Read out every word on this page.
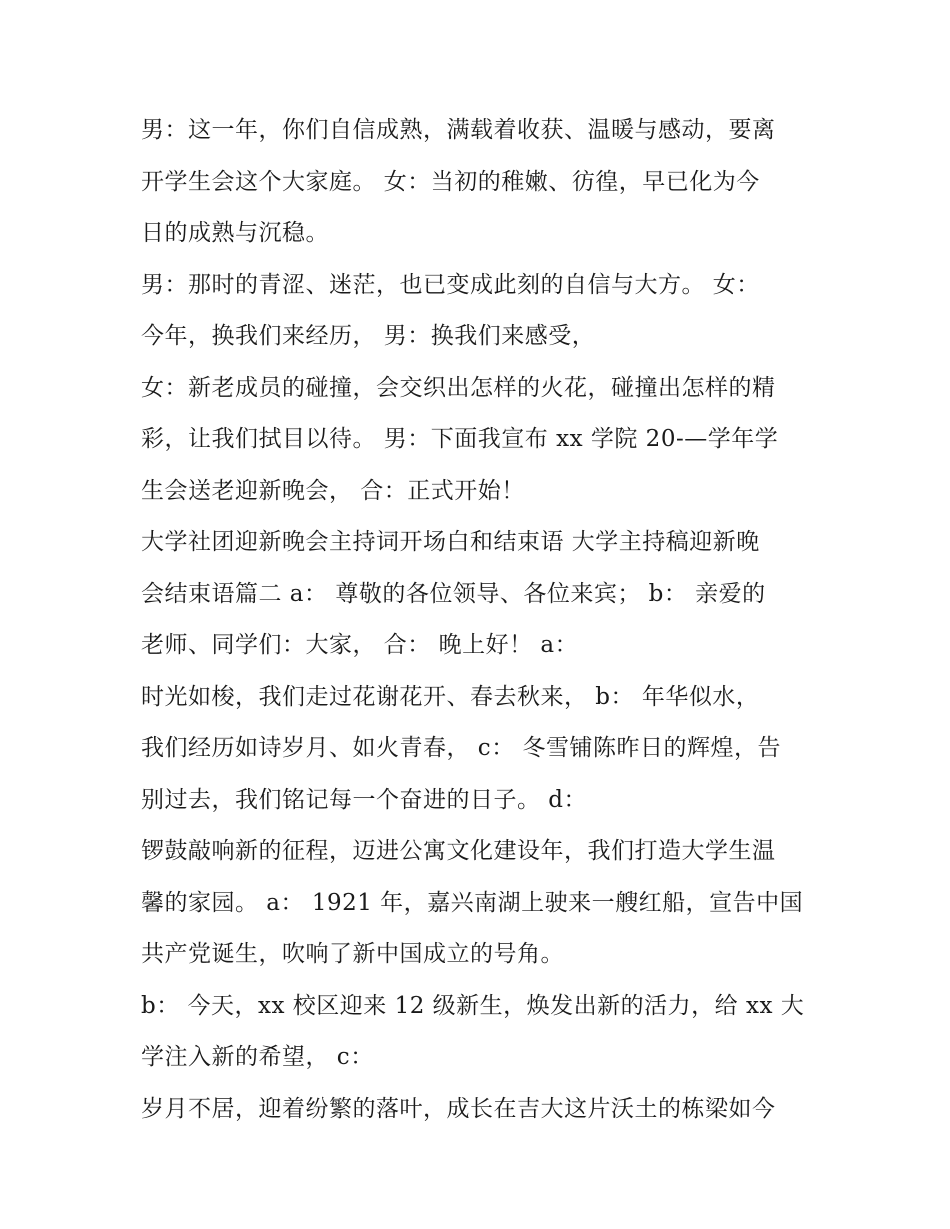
男：这一年，你们自信成熟，满载着收获、温暖与感动，要离
开学生会这个大家庭。 女：当初的稚嫩、彷徨，早已化为今
日的成熟与沉稳。
男：那时的青涩、迷茫，也已变成此刻的自信与大方。 女：
今年，换我们来经历， 男：换我们来感受，
女：新老成员的碰撞，会交织出怎样的火花，碰撞出怎样的精
彩，让我们拭目以待。 男：下面我宣布 xx 学院 20-—学年学
生会送老迎新晚会， 合：正式开始！
大学社团迎新晚会主持词开场白和结束语 大学主持稿迎新晚
会结束语篇二 a： 尊敬的各位领导、各位来宾； b： 亲爱的
老师、同学们：大家， 合： 晚上好！ a：
时光如梭，我们走过花谢花开、春去秋来， b： 年华似水，
我们经历如诗岁月、如火青春， c： 冬雪铺陈昨日的辉煌，告
别过去，我们铭记每一个奋进的日子。 d：
锣鼓敲响新的征程，迈进公寓文化建设年，我们打造大学生温
馨的家园。 a： 1921 年，嘉兴南湖上驶来一艘红船，宣告中国
共产党诞生，吹响了新中国成立的号角。
b： 今天，xx 校区迎来 12 级新生，焕发出新的活力，给 xx 大
学注入新的希望， c：
岁月不居，迎着纷繁的落叶，成长在吉大这片沃土的栋梁如今
